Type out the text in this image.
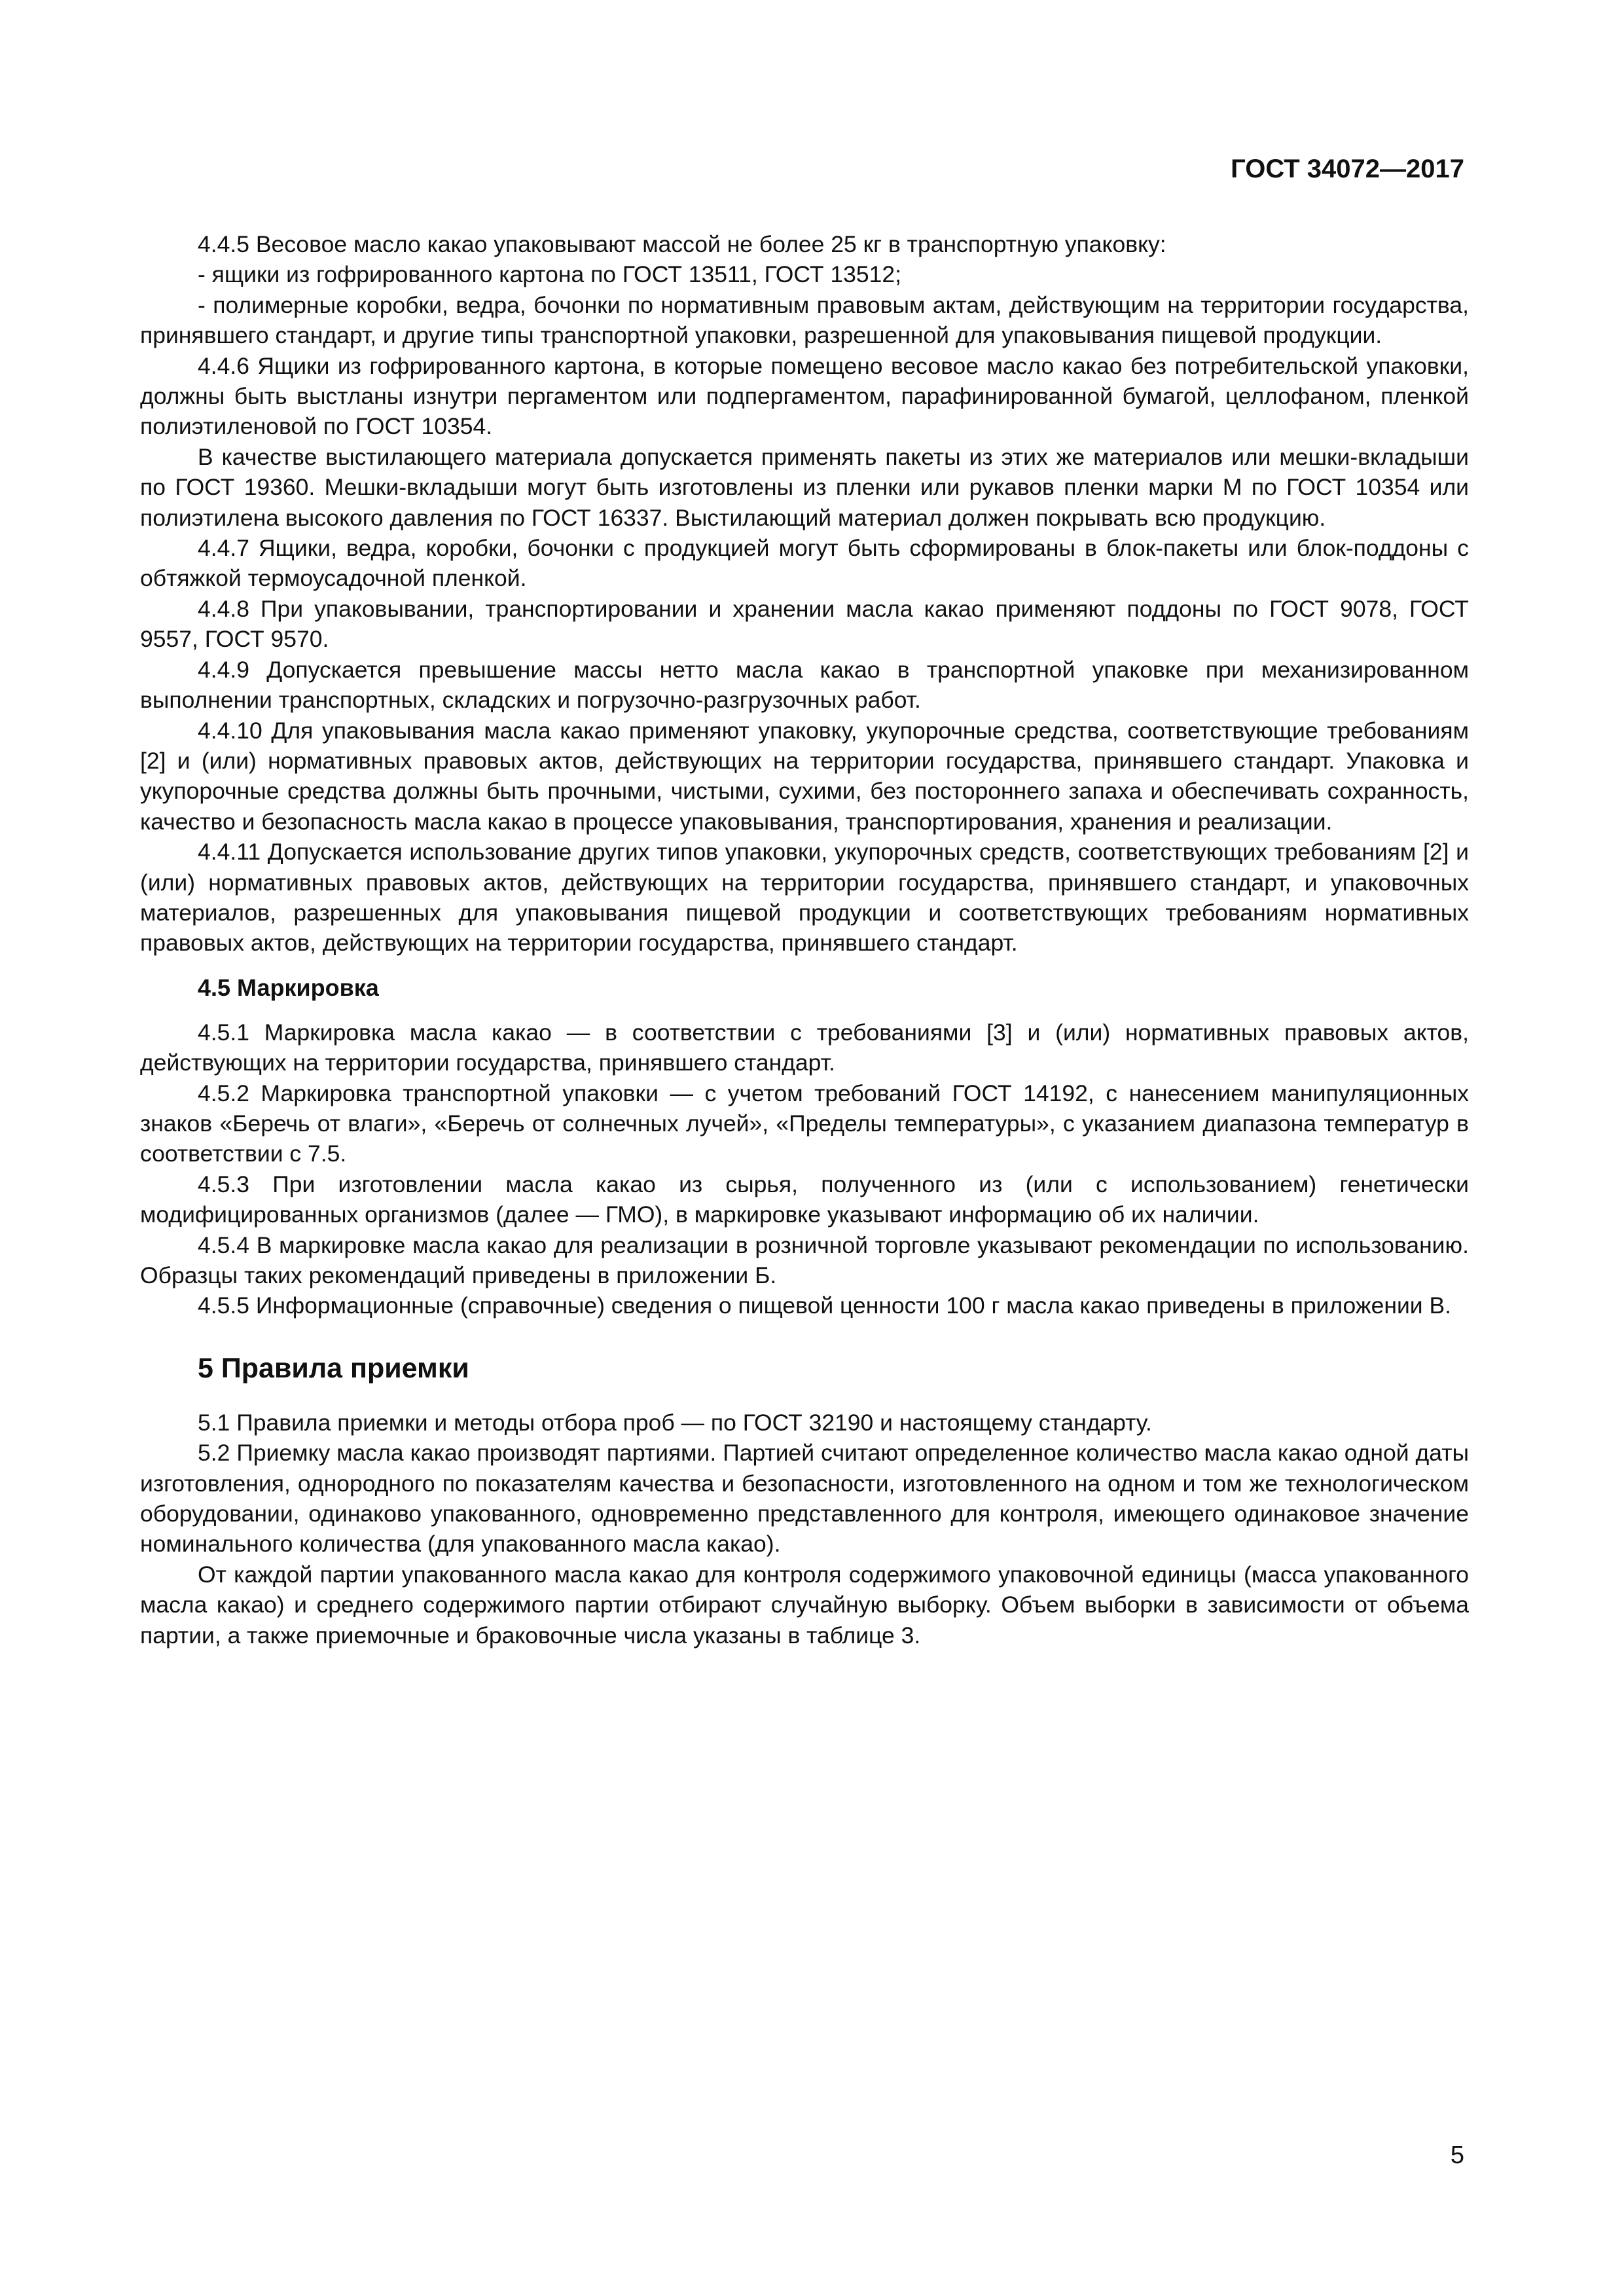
ГОСТ 34072—2017

4.4.5 Весовое масло какао упаковывают массой не более 25 кг в транспортную упаковку:

- ящики из гофрированного картона по ГОСТ 13511, ГОСТ 13512;

- полимерные коробки, ведра, бочонки по нормативным правовым актам, действующим на территории государства, принявшего стандарт, и другие типы транспортной упаковки, разрешенной для упаковывания пищевой продукции.

4.4.6 Ящики из гофрированного картона, в которые помещено весовое масло какао без потребительской упаковки, должны быть выстланы изнутри пергаментом или подпергаментом, парафинированной бумагой, целлофаном, пленкой полиэтиленовой по ГОСТ 10354.

В качестве выстилающего материала допускается применять пакеты из этих же материалов или мешки-вкладыши по ГОСТ 19360. Мешки-вкладыши могут быть изготовлены из пленки или рукавов пленки марки М по ГОСТ 10354 или полиэтилена высокого давления по ГОСТ 16337. Выстилающий материал должен покрывать всю продукцию.

4.4.7 Ящики, ведра, коробки, бочонки с продукцией могут быть сформированы в блок-пакеты или блок-поддоны с обтяжкой термоусадочной пленкой.

4.4.8 При упаковывании, транспортировании и хранении масла какао применяют поддоны по ГОСТ 9078, ГОСТ 9557, ГОСТ 9570.

4.4.9 Допускается превышение массы нетто масла какао в транспортной упаковке при механизированном выполнении транспортных, складских и погрузочно-разгрузочных работ.

4.4.10 Для упаковывания масла какао применяют упаковку, укупорочные средства, соответствующие требованиям [2] и (или) нормативных правовых актов, действующих на территории государства, принявшего стандарт. Упаковка и укупорочные средства должны быть прочными, чистыми, сухими, без постороннего запаха и обеспечивать сохранность, качество и безопасность масла какао в процессе упаковывания, транспортирования, хранения и реализации.

4.4.11 Допускается использование других типов упаковки, укупорочных средств, соответствующих требованиям [2] и (или) нормативных правовых актов, действующих на территории государства, принявшего стандарт, и упаковочных материалов, разрешенных для упаковывания пищевой продукции и соответствующих требованиям нормативных правовых актов, действующих на территории государства, принявшего стандарт.

4.5 Маркировка

4.5.1 Маркировка масла какао — в соответствии с требованиями [3] и (или) нормативных правовых актов, действующих на территории государства, принявшего стандарт.

4.5.2 Маркировка транспортной упаковки — с учетом требований ГОСТ 14192, с нанесением манипуляционных знаков «Беречь от влаги», «Беречь от солнечных лучей», «Пределы температуры», с указанием диапазона температур в соответствии с 7.5.

4.5.3 При изготовлении масла какао из сырья, полученного из (или с использованием) генетически модифицированных организмов (далее — ГМО), в маркировке указывают информацию об их наличии.

4.5.4 В маркировке масла какао для реализации в розничной торговле указывают рекомендации по использованию. Образцы таких рекомендаций приведены в приложении Б.

4.5.5 Информационные (справочные) сведения о пищевой ценности 100 г масла какао приведены в приложении В.

5 Правила приемки

5.1 Правила приемки и методы отбора проб — по ГОСТ 32190 и настоящему стандарту.

5.2 Приемку масла какао производят партиями. Партией считают определенное количество масла какао одной даты изготовления, однородного по показателям качества и безопасности, изготовленного на одном и том же технологическом оборудовании, одинаково упакованного, одновременно представленного для контроля, имеющего одинаковое значение номинального количества (для упакованного масла какао).

От каждой партии упакованного масла какао для контроля содержимого упаковочной единицы (масса упакованного масла какао) и среднего содержимого партии отбирают случайную выборку. Объем выборки в зависимости от объема партии, а также приемочные и браковочные числа указаны в таблице 3.

5
